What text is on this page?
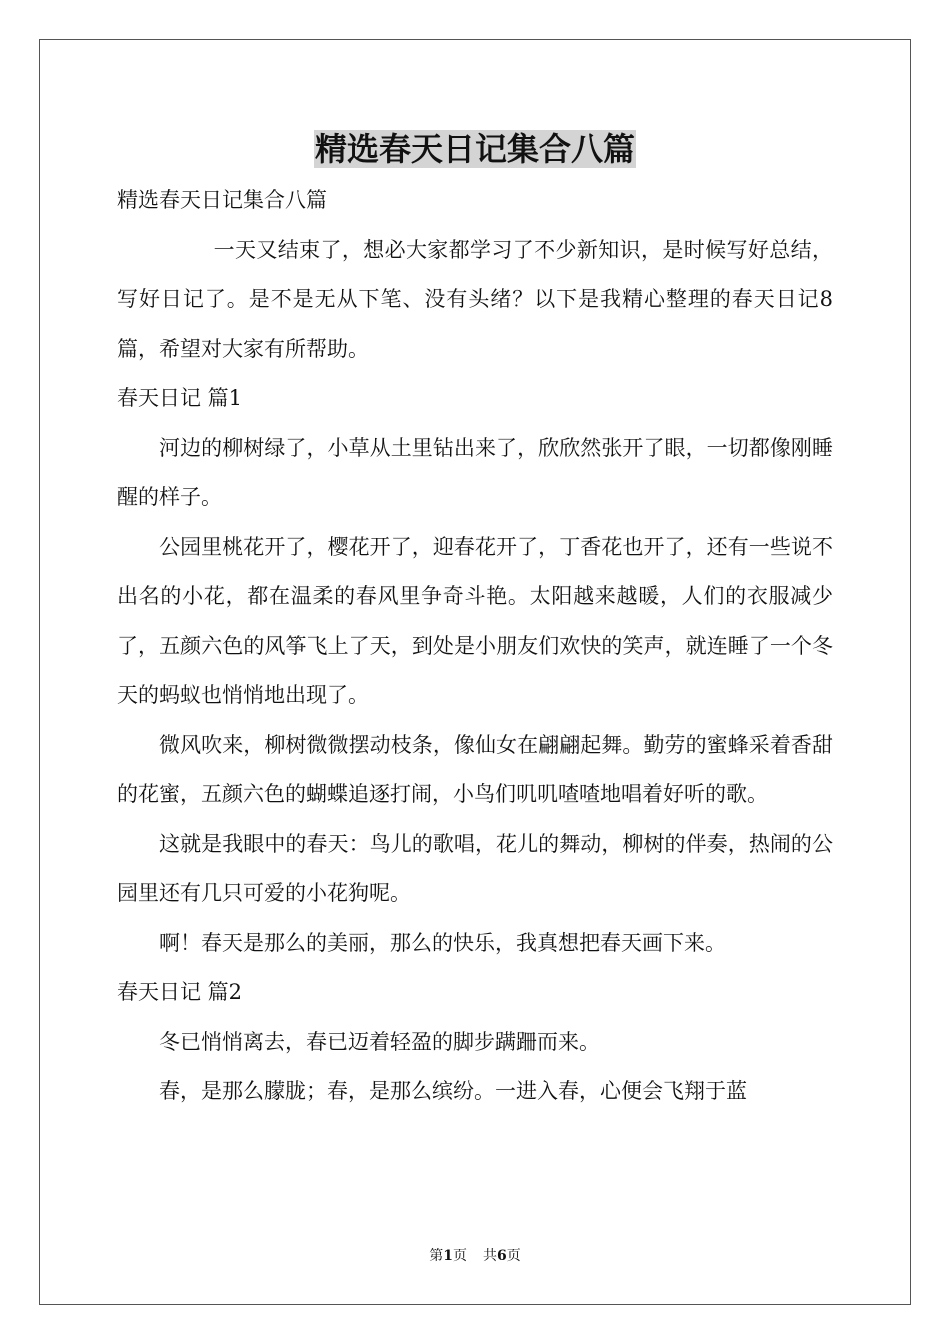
精选春天日记集合八篇

精选春天日记集合八篇

一天又结束了，想必大家都学习了不少新知识，是时候写好总结，写好日记了。是不是无从下笔、没有头绪？以下是我精心整理的春天日记8篇，希望对大家有所帮助。

春天日记 篇1

河边的柳树绿了，小草从土里钻出来了，欣欣然张开了眼，一切都像刚睡醒的样子。

公园里桃花开了，樱花开了，迎春花开了，丁香花也开了，还有一些说不出名的小花，都在温柔的春风里争奇斗艳。太阳越来越暖，人们的衣服减少了，五颜六色的风筝飞上了天，到处是小朋友们欢快的笑声，就连睡了一个冬天的蚂蚁也悄悄地出现了。

微风吹来，柳树微微摆动枝条，像仙女在翩翩起舞。勤劳的蜜蜂采着香甜的花蜜，五颜六色的蝴蝶追逐打闹，小鸟们叽叽喳喳地唱着好听的歌。

这就是我眼中的春天：鸟儿的歌唱，花儿的舞动，柳树的伴奏，热闹的公园里还有几只可爱的小花狗呢。

啊！春天是那么的美丽，那么的快乐，我真想把春天画下来。

春天日记 篇2

冬已悄悄离去，春已迈着轻盈的脚步蹒跚而来。

春，是那么朦胧；春，是那么缤纷。一进入春，心便会飞翔于蓝

第1页 共6页
